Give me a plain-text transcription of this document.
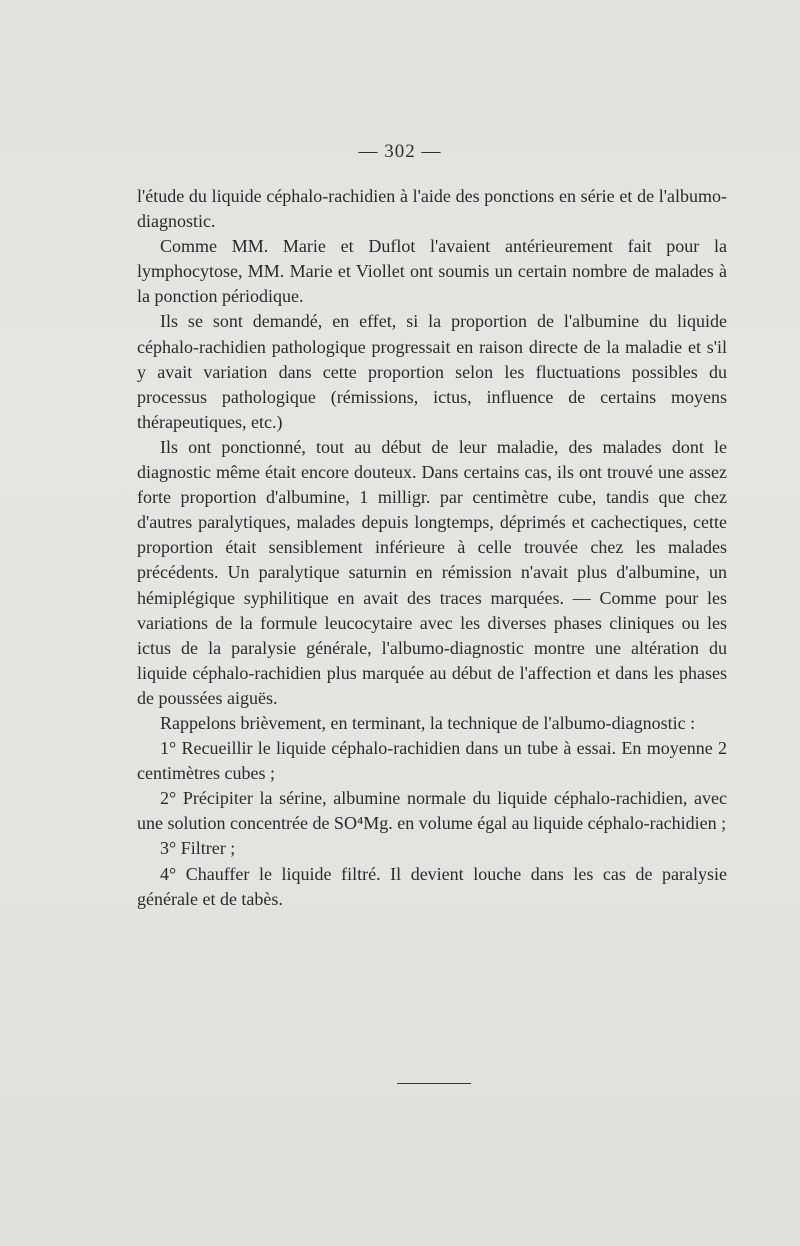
— 302 —

l'étude du liquide céphalo-rachidien à l'aide des ponctions en série et de l'albumo-diagnostic.

Comme MM. Marie et Duflot l'avaient antérieurement fait pour la lymphocytose, MM. Marie et Viollet ont soumis un certain nombre de malades à la ponction périodique.

Ils se sont demandé, en effet, si la proportion de l'albumine du liquide céphalo-rachidien pathologique progressait en raison directe de la maladie et s'il y avait variation dans cette proportion selon les fluctuations possibles du processus pathologique (rémissions, ictus, influence de certains moyens thérapeutiques, etc.)

Ils ont ponctionné, tout au début de leur maladie, des malades dont le diagnostic même était encore douteux. Dans certains cas, ils ont trouvé une assez forte proportion d'albumine, 1 milligr. par centimètre cube, tandis que chez d'autres paralytiques, malades depuis longtemps, déprimés et cachectiques, cette proportion était sensiblement inférieure à celle trouvée chez les malades précédents. Un paralytique saturnin en rémission n'avait plus d'albumine, un hémiplégique syphilitique en avait des traces marquées. — Comme pour les variations de la formule leucocytaire avec les diverses phases cliniques ou les ictus de la paralysie générale, l'albumo-diagnostic montre une altération du liquide céphalo-rachidien plus marquée au début de l'affection et dans les phases de poussées aiguës.

Rappelons brièvement, en terminant, la technique de l'albumo-diagnostic :

1° Recueillir le liquide céphalo-rachidien dans un tube à essai. En moyenne 2 centimètres cubes ;

2° Précipiter la sérine, albumine normale du liquide céphalo-rachidien, avec une solution concentrée de SO⁴Mg. en volume égal au liquide céphalo-rachidien ;

3° Filtrer ;

4° Chauffer le liquide filtré. Il devient louche dans les cas de paralysie générale et de tabès.
